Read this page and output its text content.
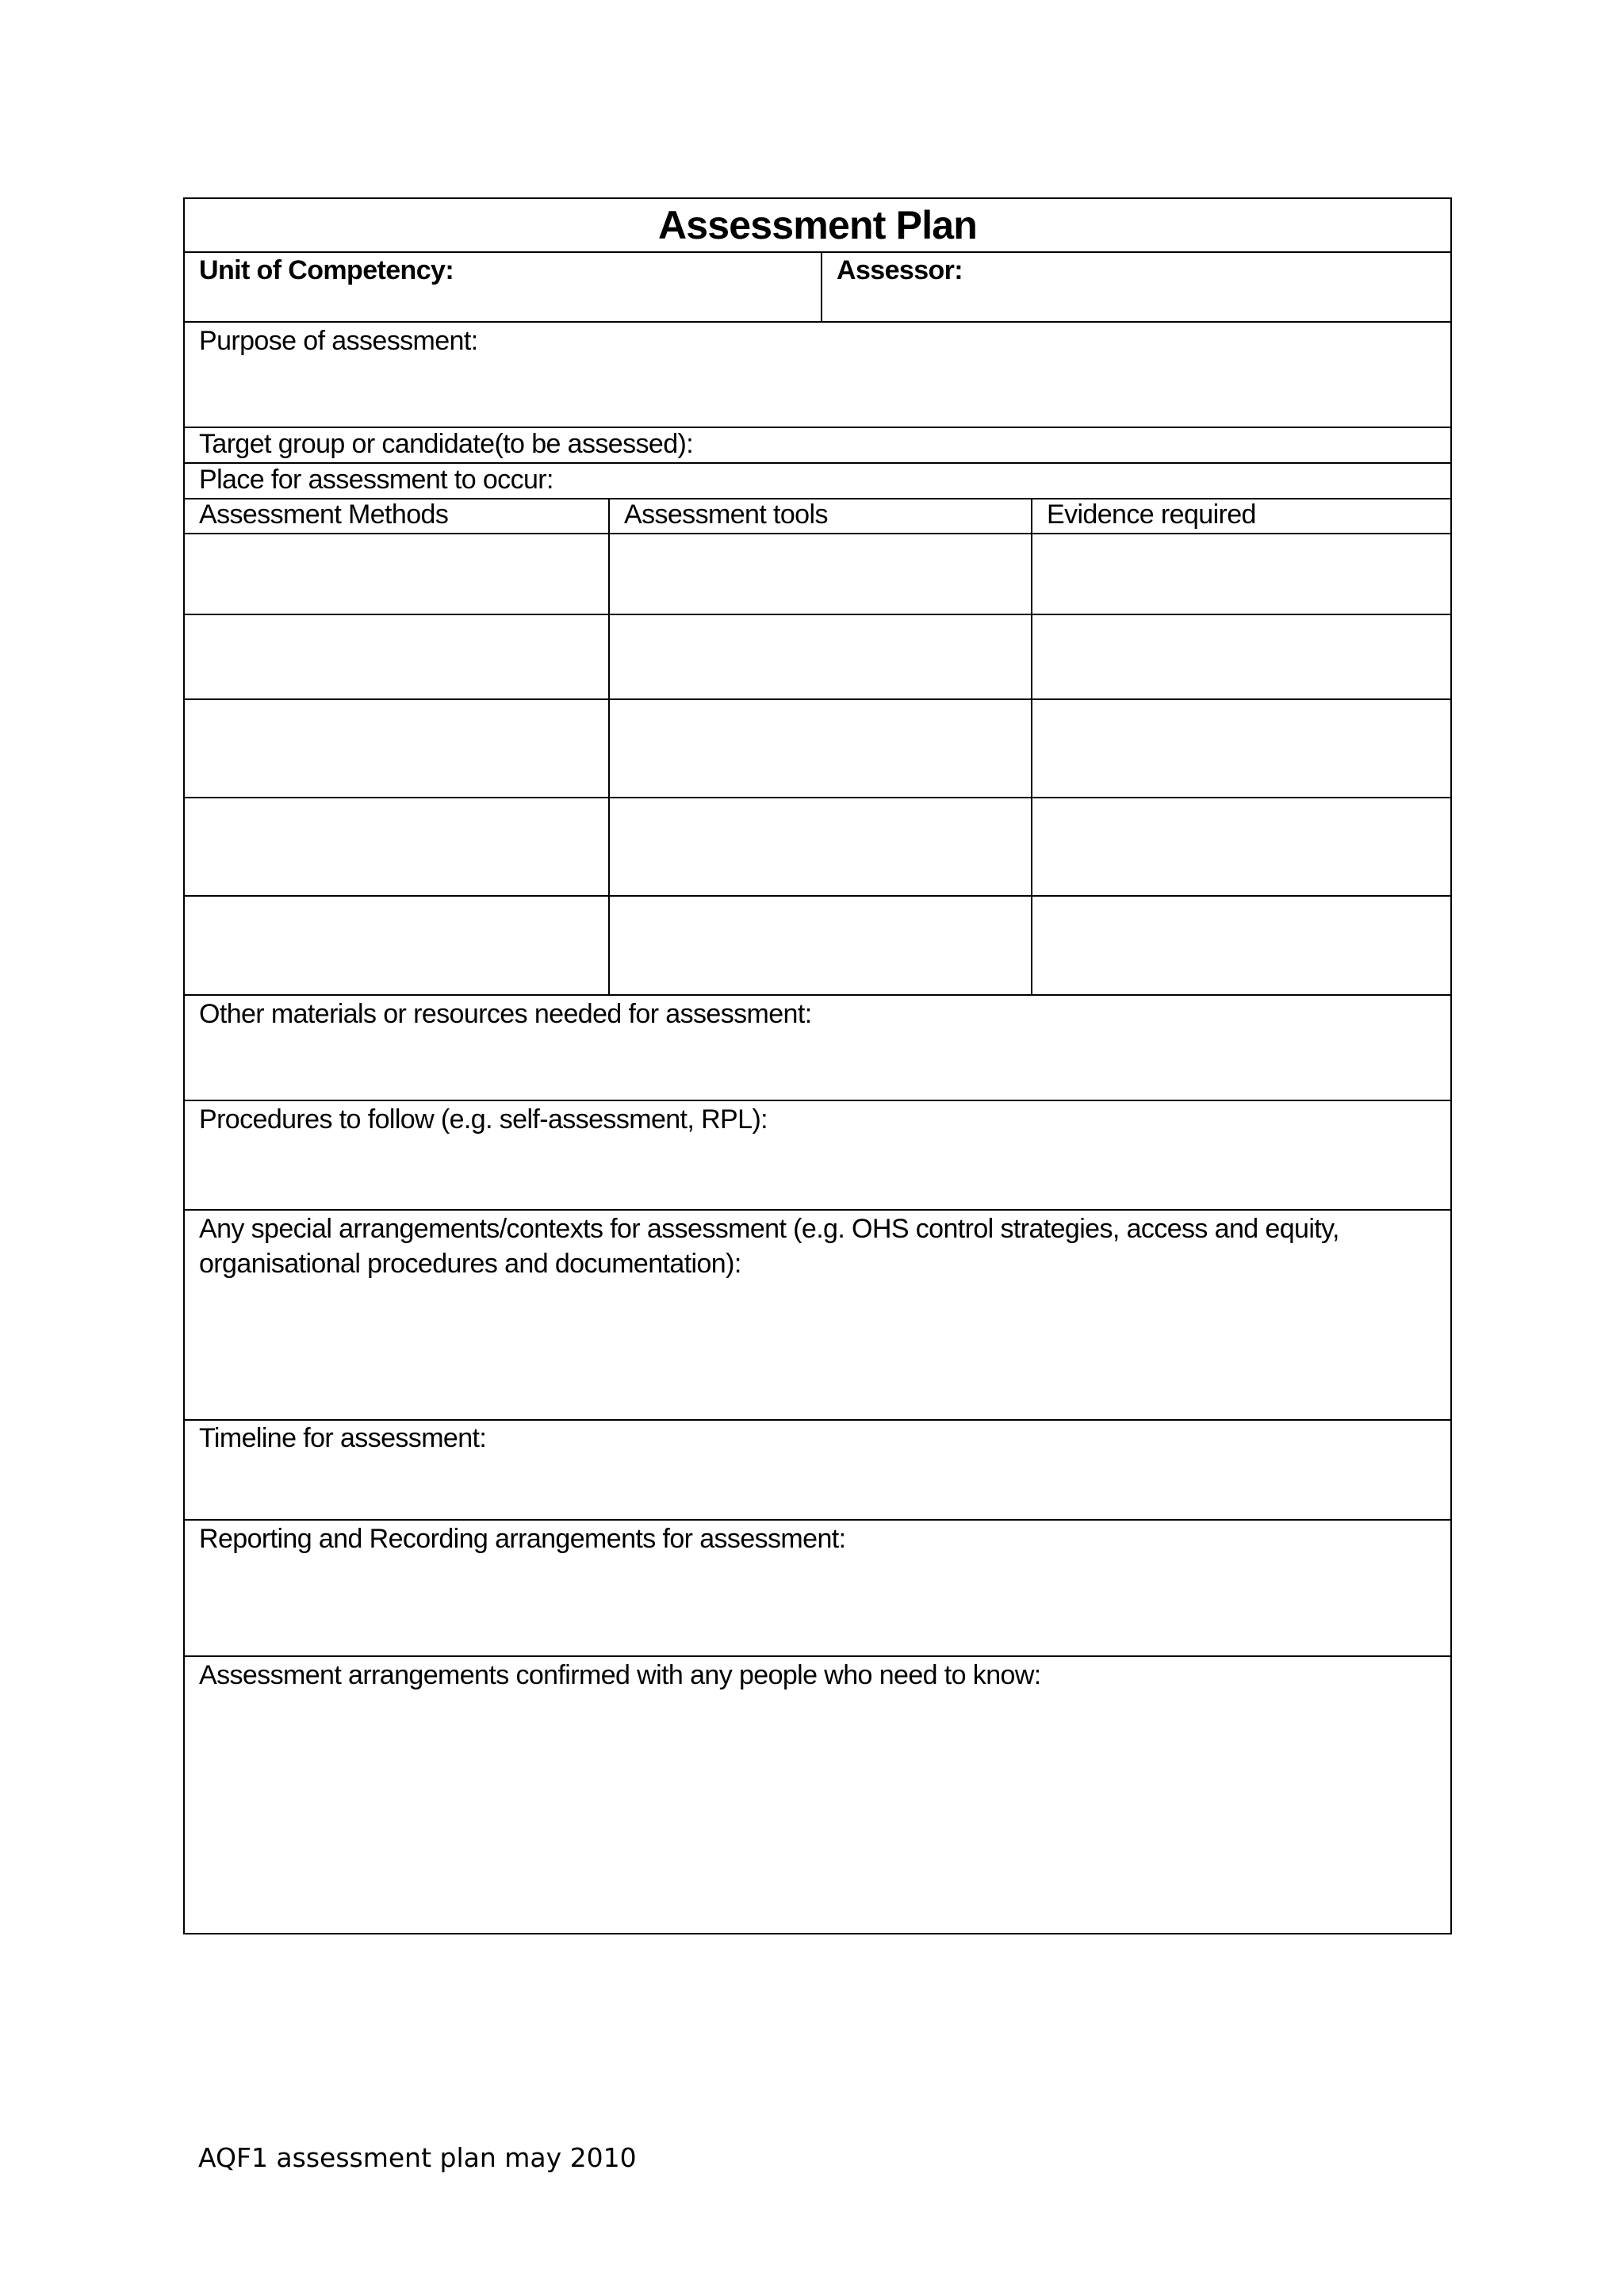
Assessment Plan
Unit of Competency:	Assessor:
Purpose of assessment:
Target group or candidate(to be assessed):
Place for assessment to occur:
Assessment Methods	Assessment tools	Evidence required
Other materials or resources needed for assessment:
Procedures to follow (e.g. self-assessment, RPL):
Any special arrangements/contexts for assessment (e.g. OHS control strategies, access and equity, organisational procedures and documentation):
Timeline for assessment:
Reporting and Recording arrangements for assessment:
Assessment arrangements confirmed with any people who need to know:
AQF1 assessment plan may 2010
